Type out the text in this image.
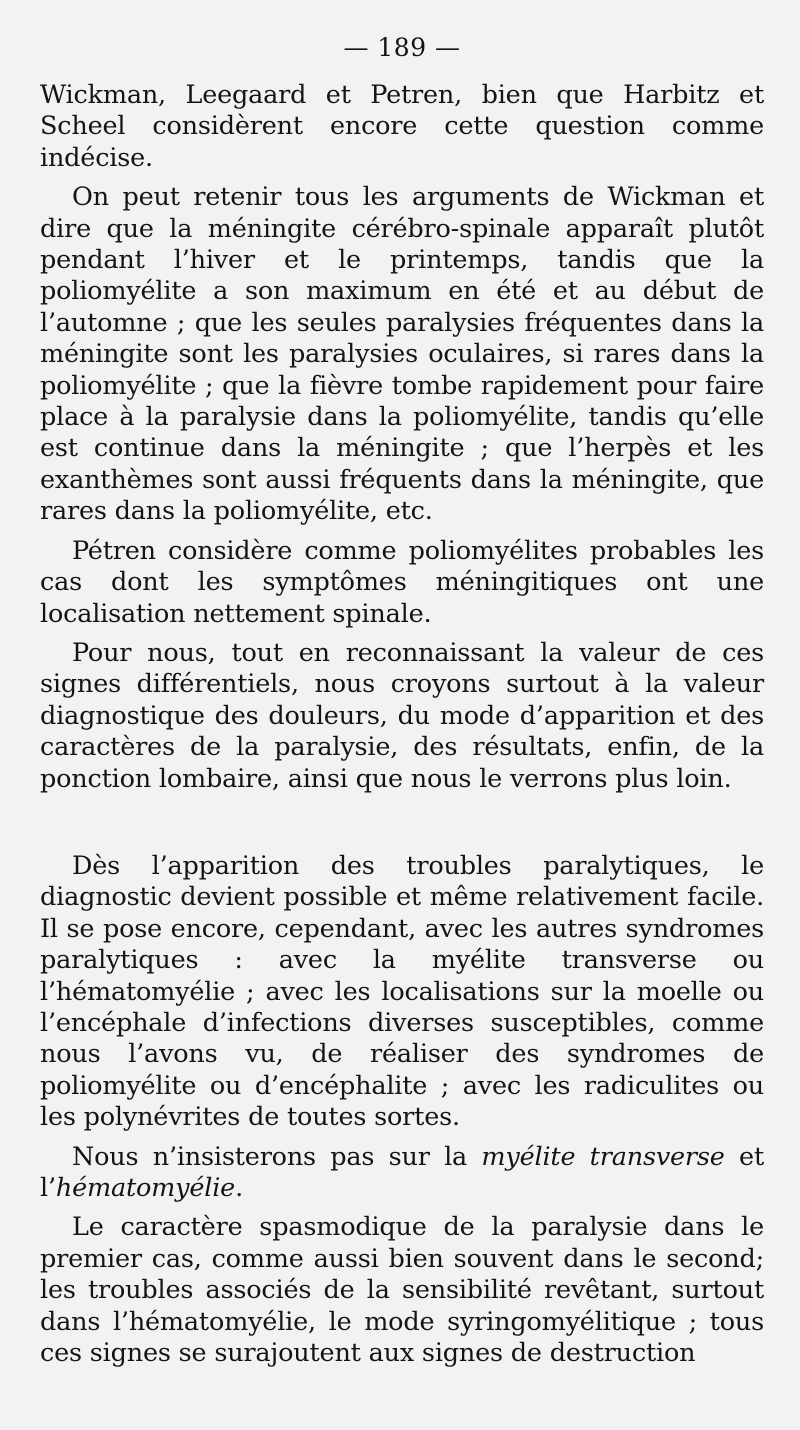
— 189 —

Wickman, Leegaard et Petren, bien que Harbitz et Scheel considèrent encore cette question comme indécise.

On peut retenir tous les arguments de Wickman et dire que la méningite cérébro-spinale apparaît plutôt pendant l’hiver et le printemps, tandis que la poliomyélite a son maximum en été et au début de l’automne ; que les seules paralysies fréquentes dans la méningite sont les paralysies oculaires, si rares dans la poliomyélite ; que la fièvre tombe rapidement pour faire place à la paralysie dans la poliomyélite, tandis qu’elle est continue dans la méningite ; que l’herpès et les exanthèmes sont aussi fréquents dans la méningite, que rares dans la poliomyélite, etc.

Pétren considère comme poliomyélites probables les cas dont les symptômes méningitiques ont une localisation nettement spinale.

Pour nous, tout en reconnaissant la valeur de ces signes différentiels, nous croyons surtout à la valeur diagnostique des douleurs, du mode d’apparition et des caractères de la paralysie, des résultats, enfin, de la ponction lombaire, ainsi que nous le verrons plus loin.

Dès l’apparition des troubles paralytiques, le diagnostic devient possible et même relativement facile. Il se pose encore, cependant, avec les autres syndromes paralytiques : avec la myélite transverse ou l’hématomyélie ; avec les localisations sur la moelle ou l’encéphale d’infections diverses susceptibles, comme nous l’avons vu, de réaliser des syndromes de poliomyélite ou d’encéphalite ; avec les radiculites ou les polynévrites de toutes sortes.

Nous n’insisterons pas sur la myélite transverse et l’hématomyélie.

Le caractère spasmodique de la paralysie dans le premier cas, comme aussi bien souvent dans le second; les troubles associés de la sensibilité revêtant, surtout dans l’hématomyélie, le mode syringomyélitique ; tous ces signes se surajoutent aux signes de destruction
